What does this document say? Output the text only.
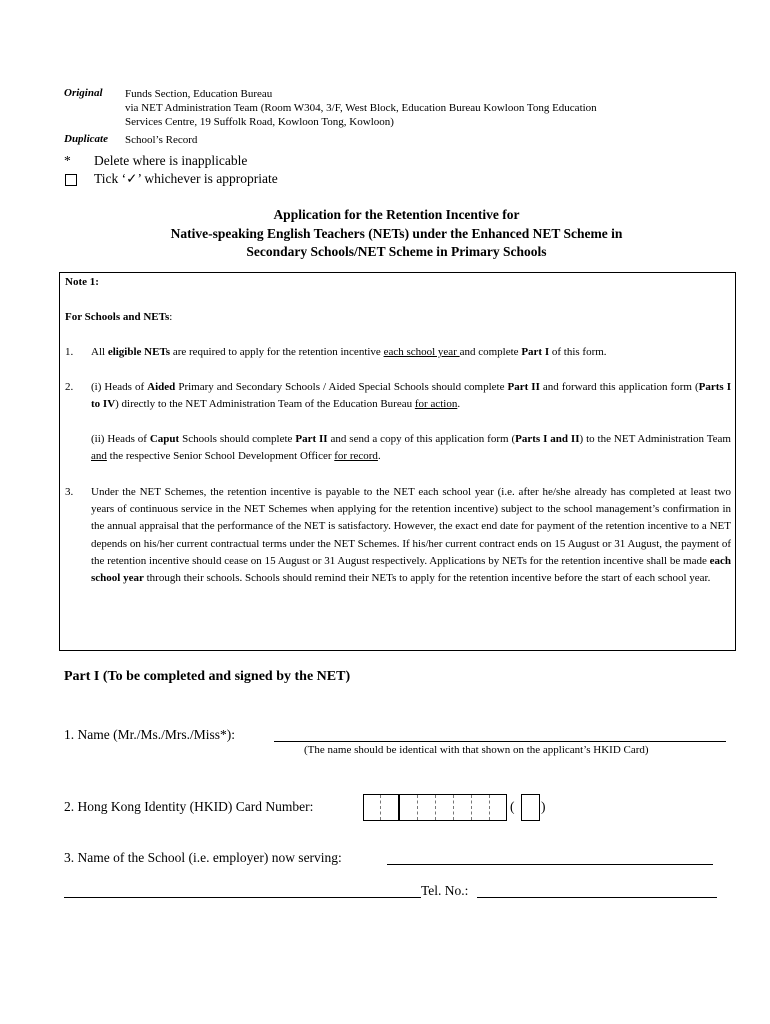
Original Funds Section, Education Bureau
via NET Administration Team (Room W304, 3/F, West Block, Education Bureau Kowloon Tong Education
Services Centre, 19 Suffolk Road, Kowloon Tong, Kowloon)
Duplicate School’s Record
* Delete where is inapplicable
Tick ‘✓’ whichever is appropriate
Application for the Retention Incentive for
Native-speaking English Teachers (NETs) under the Enhanced NET Scheme in
Secondary Schools/NET Scheme in Primary Schools
Note 1:
For Schools and NETs:
1. All eligible NETs are required to apply for the retention incentive each school year and complete Part I of this form.
2. (i) Heads of Aided Primary and Secondary Schools / Aided Special Schools should complete Part II and forward this application form (Parts I to IV) directly to the NET Administration Team of the Education Bureau for action.
(ii) Heads of Caput Schools should complete Part II and send a copy of this application form (Parts I and II) to the NET Administration Team and the respective Senior School Development Officer for record.
3. Under the NET Schemes, the retention incentive is payable to the NET each school year (i.e. after he/she already has completed at least two years of continuous service in the NET Schemes when applying for the retention incentive) subject to the school management’s confirmation in the annual appraisal that the performance of the NET is satisfactory. However, the exact end date for payment of the retention incentive to a NET depends on his/her current contractual terms under the NET Schemes. If his/her current contract ends on 15 August or 31 August, the payment of the retention incentive should cease on 15 August or 31 August respectively. Applications by NETs for the retention incentive shall be made each school year through their schools. Schools should remind their NETs to apply for the retention incentive before the start of each school year.
Part I (To be completed and signed by the NET)
1. Name (Mr./Ms./Mrs./Miss*):
(The name should be identical with that shown on the applicant’s HKID Card)
2. Hong Kong Identity (HKID) Card Number:	( )
3. Name of the School (i.e. employer) now serving:
Tel. No.:
